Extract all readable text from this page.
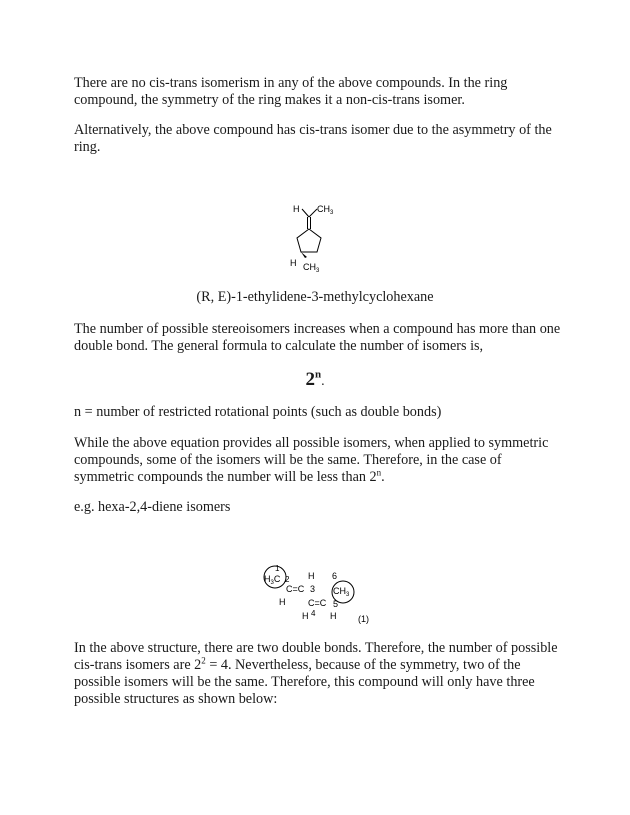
There are no cis-trans isomerism in any of the above compounds. In the ring compound, the symmetry of the ring makes it a non-cis-trans isomer.

Alternatively, the above compound has cis-trans isomer due to the asymmetry of the ring.

H $CH_3$
H $CH_3$
(R, E)-1-ethylidene-3-methylcyclohexane

The number of possible stereoisomers increases when a compound has more than one double bond. The general formula to calculate the number of isomers is,

2$^n$.

n = number of restricted rotational points (such as double bonds)

While the above equation provides all possible isomers, when applied to symmetric compounds, some of the isomers will be the same. Therefore, in the case of symmetric compounds the number will be less than 2$^n$.

e.g. hexa-2,4-diene isomers

1
$H_3C$ 2 H 6
C=C 3 $CH_3$
H	C=C 5
H 4 H (1)

In the above structure, there are two double bonds. Therefore, the number of possible cis-trans isomers are $2^2 = 4$. Nevertheless, because of the symmetry, two of the possible isomers will be the same. Therefore, this compound will only have three possible structures as shown below:
